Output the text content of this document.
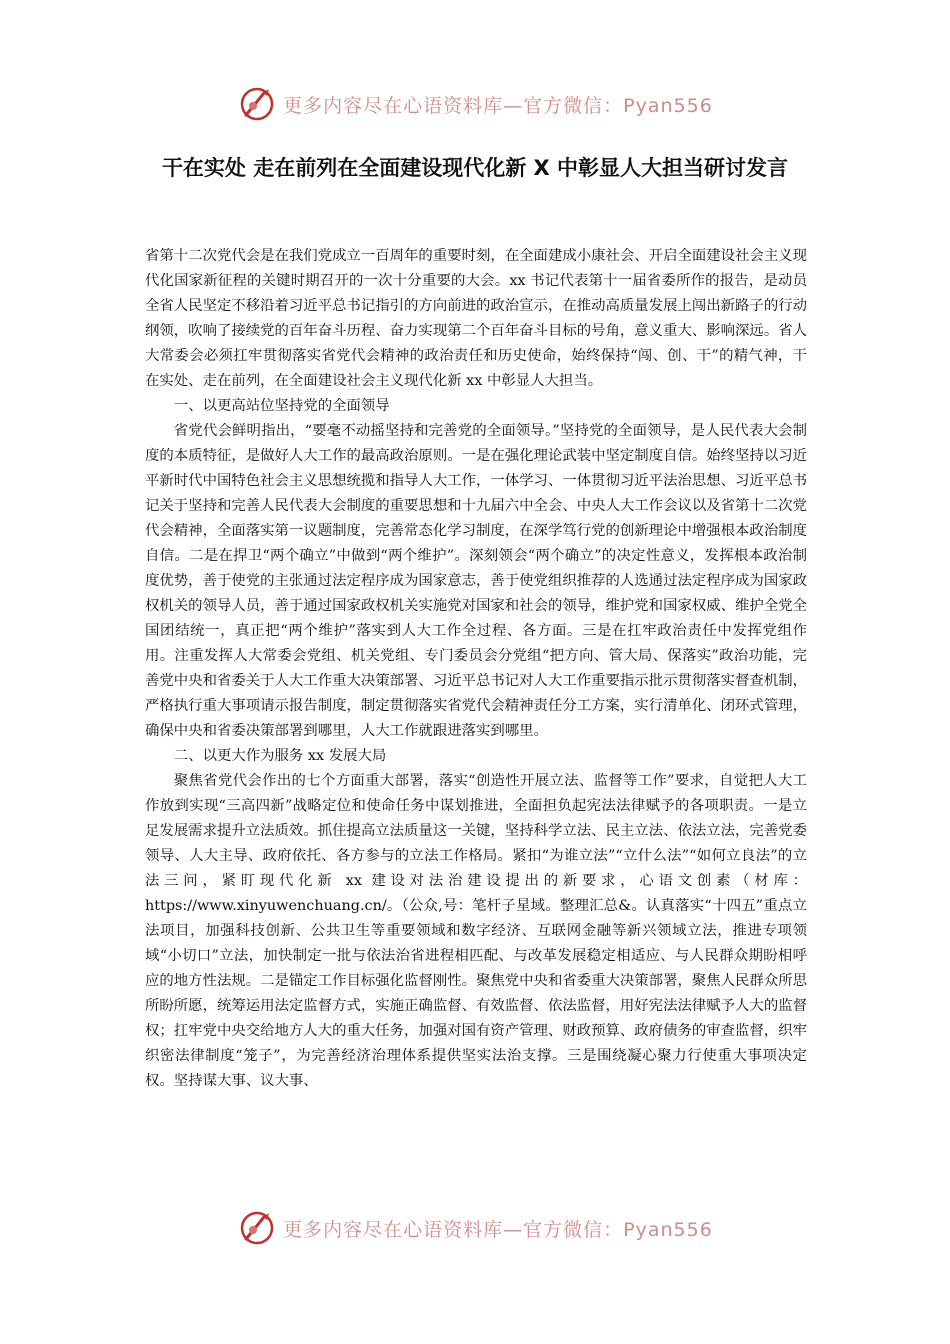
更多内容尽在心语资料库—官方微信：Pyan556
干在实处 走在前列在全面建设现代化新 X 中彰显人大担当研讨发言

省第十二次党代会是在我们党成立一百周年的重要时刻，在全面建成小康社会、开启全面建设社会主义现代化国家新征程的关键时期召开的一次十分重要的大会。xx 书记代表第十一届省委所作的报告，是动员全省人民坚定不移沿着习近平总书记指引的方向前进的政治宣示，在推动高质量发展上闯出新路子的行动纲领，吹响了接续党的百年奋斗历程、奋力实现第二个百年奋斗目标的号角，意义重大、影响深远。省人大常委会必须扛牢贯彻落实省党代会精神的政治责任和历史使命，始终保持“闯、创、干”的精气神，干在实处、走在前列，在全面建设社会主义现代化新 xx 中彰显人大担当。

一、以更高站位坚持党的全面领导

省党代会鲜明指出，“要毫不动摇坚持和完善党的全面领导。”坚持党的全面领导，是人民代表大会制度的本质特征，是做好人大工作的最高政治原则。一是在强化理论武装中坚定制度自信。始终坚持以习近平新时代中国特色社会主义思想统揽和指导人大工作，一体学习、一体贯彻习近平法治思想、习近平总书记关于坚持和完善人民代表大会制度的重要思想和十九届六中全会、中央人大工作会议以及省第十二次党代会精神，全面落实第一议题制度，完善常态化学习制度，在深学笃行党的创新理论中增强根本政治制度自信。二是在捍卫“两个确立”中做到“两个维护”。深刻领会“两个确立”的决定性意义，发挥根本政治制度优势，善于使党的主张通过法定程序成为国家意志，善于使党组织推荐的人选通过法定程序成为国家政权机关的领导人员，善于通过国家政权机关实施党对国家和社会的领导，维护党和国家权威、维护全党全国团结统一，真正把“两个维护”落实到人大工作全过程、各方面。三是在扛牢政治责任中发挥党组作用。注重发挥人大常委会党组、机关党组、专门委员会分党组“把方向、管大局、保落实”政治功能，完善党中央和省委关于人大工作重大决策部署、习近平总书记对人大工作重要指示批示贯彻落实督查机制，严格执行重大事项请示报告制度，制定贯彻落实省党代会精神责任分工方案，实行清单化、闭环式管理，确保中央和省委决策部署到哪里，人大工作就跟进落实到哪里。

二、以更大作为服务 xx 发展大局

聚焦省党代会作出的七个方面重大部署，落实“创造性开展立法、监督等工作”要求，自觉把人大工作放到实现“三高四新”战略定位和使命任务中谋划推进，全面担负起宪法法律赋予的各项职责。一是立足发展需求提升立法质效。抓住提高立法质量这一关键，坚持科学立法、民主立法、依法立法，完善党委领导、人大主导、政府依托、各方参与的立法工作格局。紧扣“为谁立法”“立什么法”“如何立良法”的立法三问，紧盯现代化新 xx 建设对法治建设提出的新要求，心语文创素（材库：https://www.xinyuwenchuang.cn/。（公众,号：笔杆子星域。整理汇总&。认真落实“十四五”重点立法项目，加强科技创新、公共卫生等重要领域和数字经济、互联网金融等新兴领域立法，推进专项领域“小切口”立法，加快制定一批与依法治省进程相匹配、与改革发展稳定相适应、与人民群众期盼相呼应的地方性法规。二是锚定工作目标强化监督刚性。聚焦党中央和省委重大决策部署，聚焦人民群众所思所盼所愿，统筹运用法定监督方式，实施正确监督、有效监督、依法监督，用好宪法法律赋予人大的监督权；扛牢党中央交给地方人大的重大任务，加强对国有资产管理、财政预算、政府债务的审查监督，织牢织密法律制度“笼子”，为完善经济治理体系提供坚实法治支撑。三是围绕凝心聚力行使重大事项决定权。坚持谋大事、议大事、

更多内容尽在心语资料库—官方微信：Pyan556
